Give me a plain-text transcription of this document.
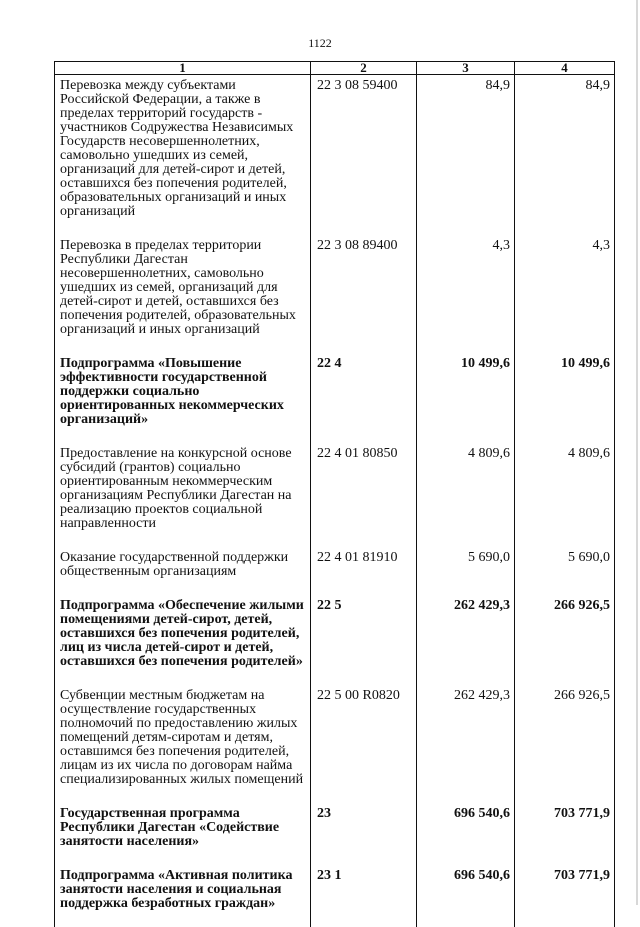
1122
1	2	3	4
Перевозка между субъектами Российской Федерации, а также в пределах территорий государств - участников Содружества Независимых Государств несовершеннолетних, самовольно ушедших из семей, организаций для детей-сирот и детей, оставшихся без попечения родителей, образовательных организаций и иных организаций	22 3 08 59400	84,9	84,9
Перевозка в пределах территории Республики Дагестан несовершеннолетних, самовольно ушедших из семей, организаций для детей-сирот и детей, оставшихся без попечения родителей, образовательных организаций и иных организаций	22 3 08 89400	4,3	4,3
Подпрограмма «Повышение эффективности государственной поддержки социально ориентированных некоммерческих организаций»	22 4	10 499,6	10 499,6
Предоставление на конкурсной основе субсидий (грантов) социально ориентированным некоммерческим организациям Республики Дагестан на реализацию проектов социальной направленности	22 4 01 80850	4 809,6	4 809,6
Оказание государственной поддержки общественным организациям	22 4 01 81910	5 690,0	5 690,0
Подпрограмма «Обеспечение жилыми помещениями детей-сирот, детей, оставшихся без попечения родителей, лиц из числа детей-сирот и детей, оставшихся без попечения родителей»	22 5	262 429,3	266 926,5
Субвенции местным бюджетам на осуществление государственных полномочий по предоставлению жилых помещений детям-сиротам и детям, оставшимся без попечения родителей, лицам из их числа по договорам найма специализированных жилых помещений	22 5 00 R0820	262 429,3	266 926,5
Государственная программа Республики Дагестан «Содействие занятости населения»	23	696 540,6	703 771,9
Подпрограмма «Активная политика занятости населения и социальная поддержка безработных граждан»	23 1	696 540,6	703 771,9
